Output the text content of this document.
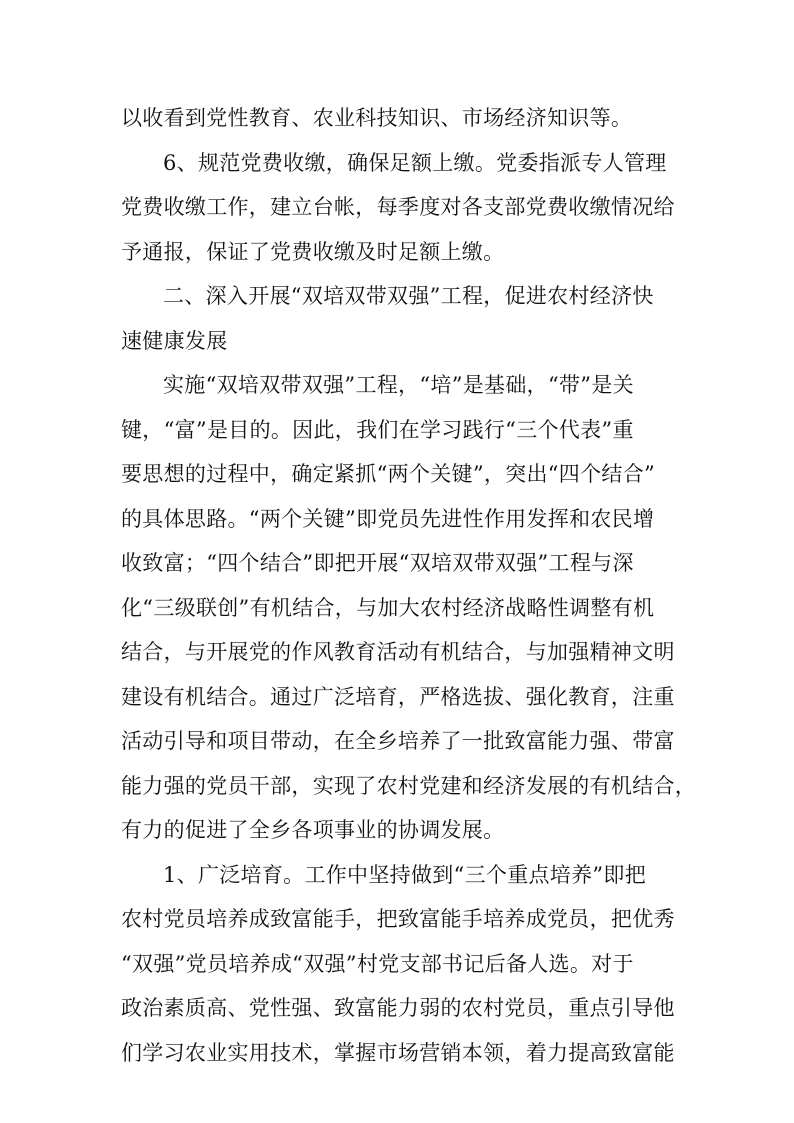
以收看到党性教育、农业科技知识、市场经济知识等。
6、规范党费收缴，确保足额上缴。党委指派专人管理
党费收缴工作，建立台帐，每季度对各支部党费收缴情况给
予通报，保证了党费收缴及时足额上缴。
二、深入开展“双培双带双强”工程，促进农村经济快
速健康发展
实施“双培双带双强”工程，“培”是基础，“带”是关
键，“富”是目的。因此，我们在学习践行“三个代表”重
要思想的过程中，确定紧抓“两个关键”，突出“四个结合”
的具体思路。“两个关键”即党员先进性作用发挥和农民增
收致富；“四个结合”即把开展“双培双带双强”工程与深
化“三级联创”有机结合，与加大农村经济战略性调整有机
结合，与开展党的作风教育活动有机结合，与加强精神文明
建设有机结合。通过广泛培育，严格选拔、强化教育，注重
活动引导和项目带动，在全乡培养了一批致富能力强、带富
能力强的党员干部，实现了农村党建和经济发展的有机结合，
有力的促进了全乡各项事业的协调发展。
1、广泛培育。工作中坚持做到“三个重点培养”即把
农村党员培养成致富能手，把致富能手培养成党员，把优秀
“双强”党员培养成“双强”村党支部书记后备人选。对于
政治素质高、党性强、致富能力弱的农村党员，重点引导他
们学习农业实用技术，掌握市场营销本领，着力提高致富能
